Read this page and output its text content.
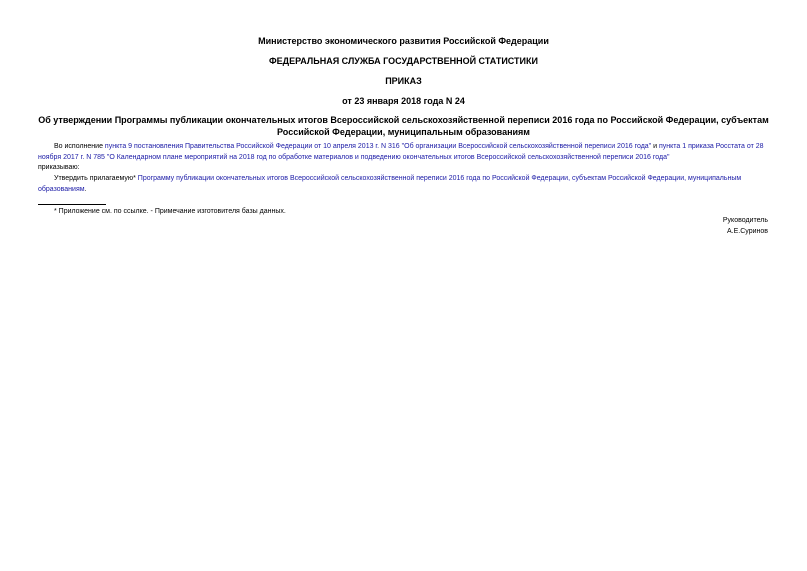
Министерство экономического развития Российской Федерации
ФЕДЕРАЛЬНАЯ СЛУЖБА ГОСУДАРСТВЕННОЙ СТАТИСТИКИ
ПРИКАЗ
от 23 января 2018 года N 24
Об утверждении Программы публикации окончательных итогов Всероссийской сельскохозяйственной переписи 2016 года по Российской Федерации, субъектам Российской Федерации, муниципальным образованиям
Во исполнение пункта 9 постановления Правительства Российской Федерации от 10 апреля 2013 г. N 316 "Об организации Всероссийской сельскохозяйственной переписи 2016 года" и пункта 1 приказа Росстата от 28 ноября 2017 г. N 785 "О Календарном плане мероприятий на 2018 год по обработке материалов и подведению окончательных итогов Всероссийской сельскохозяйственной переписи 2016 года"
приказываю:
Утвердить прилагаемую* Программу публикации окончательных итогов Всероссийской сельскохозяйственной переписи 2016 года по Российской Федерации, субъектам Российской Федерации, муниципальным образованиям.
* Приложение см. по ссылке. - Примечание изготовителя базы данных.
Руководитель
А.Е.Суринов
